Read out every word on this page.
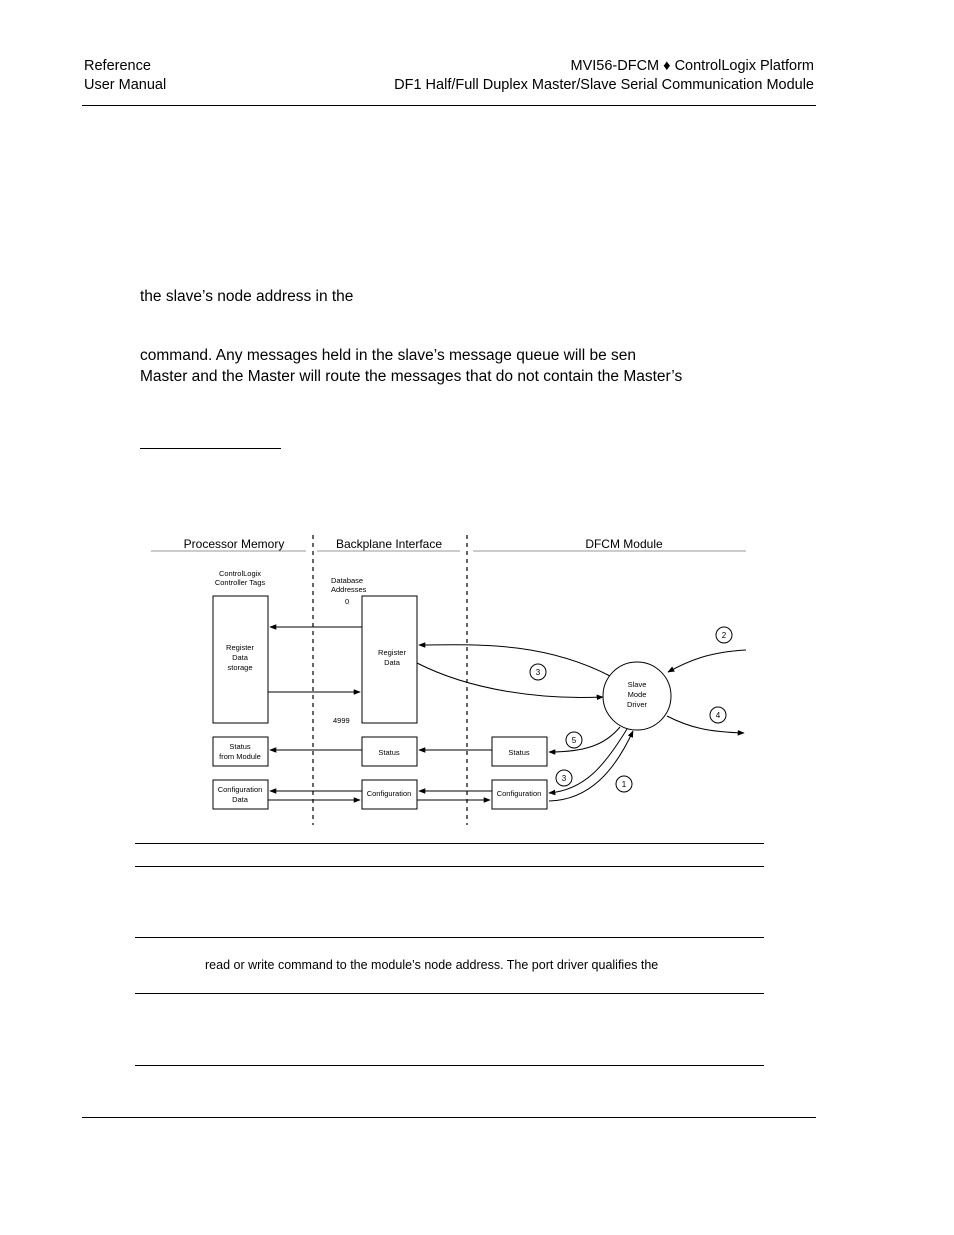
Reference
User Manual
MVI56-DFCM ♦ ControlLogix Platform
DF1 Half/Full Duplex Master/Slave Serial Communication Module
the slave’s node address in the
command. Any messages held in the slave’s message queue will be sen
Master and the Master will route the messages that do not contain the Master’s
Processor Memory	Backplane Interface	DFCM Module
ControlLogix
Controller Tags	Database
Addresses
0
4999
Register
Data
storage
Register
Data
Status
from Module	Status	Status
Configuration
Data
Configuration	Configuration
Slave
Mode
Driver
2
3
4
5
3
1
read or write command to the module’s node address. The port driver qualifies the
